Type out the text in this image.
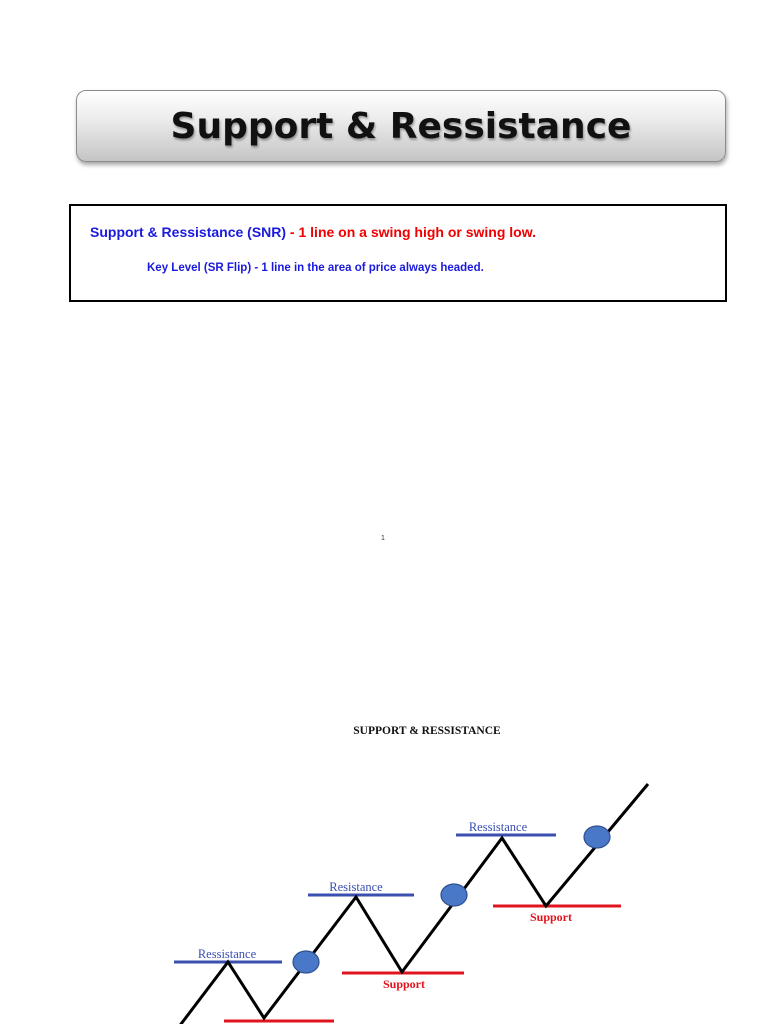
Support & Ressistance
Support & Ressistance (SNR) - 1 line on a swing high or swing low.
Key Level (SR Flip) - 1 line in the area of price always headed.
1
SUPPORT & RESSISTANCE
Ressistance
Resistance
Ressistance
Support
Support
